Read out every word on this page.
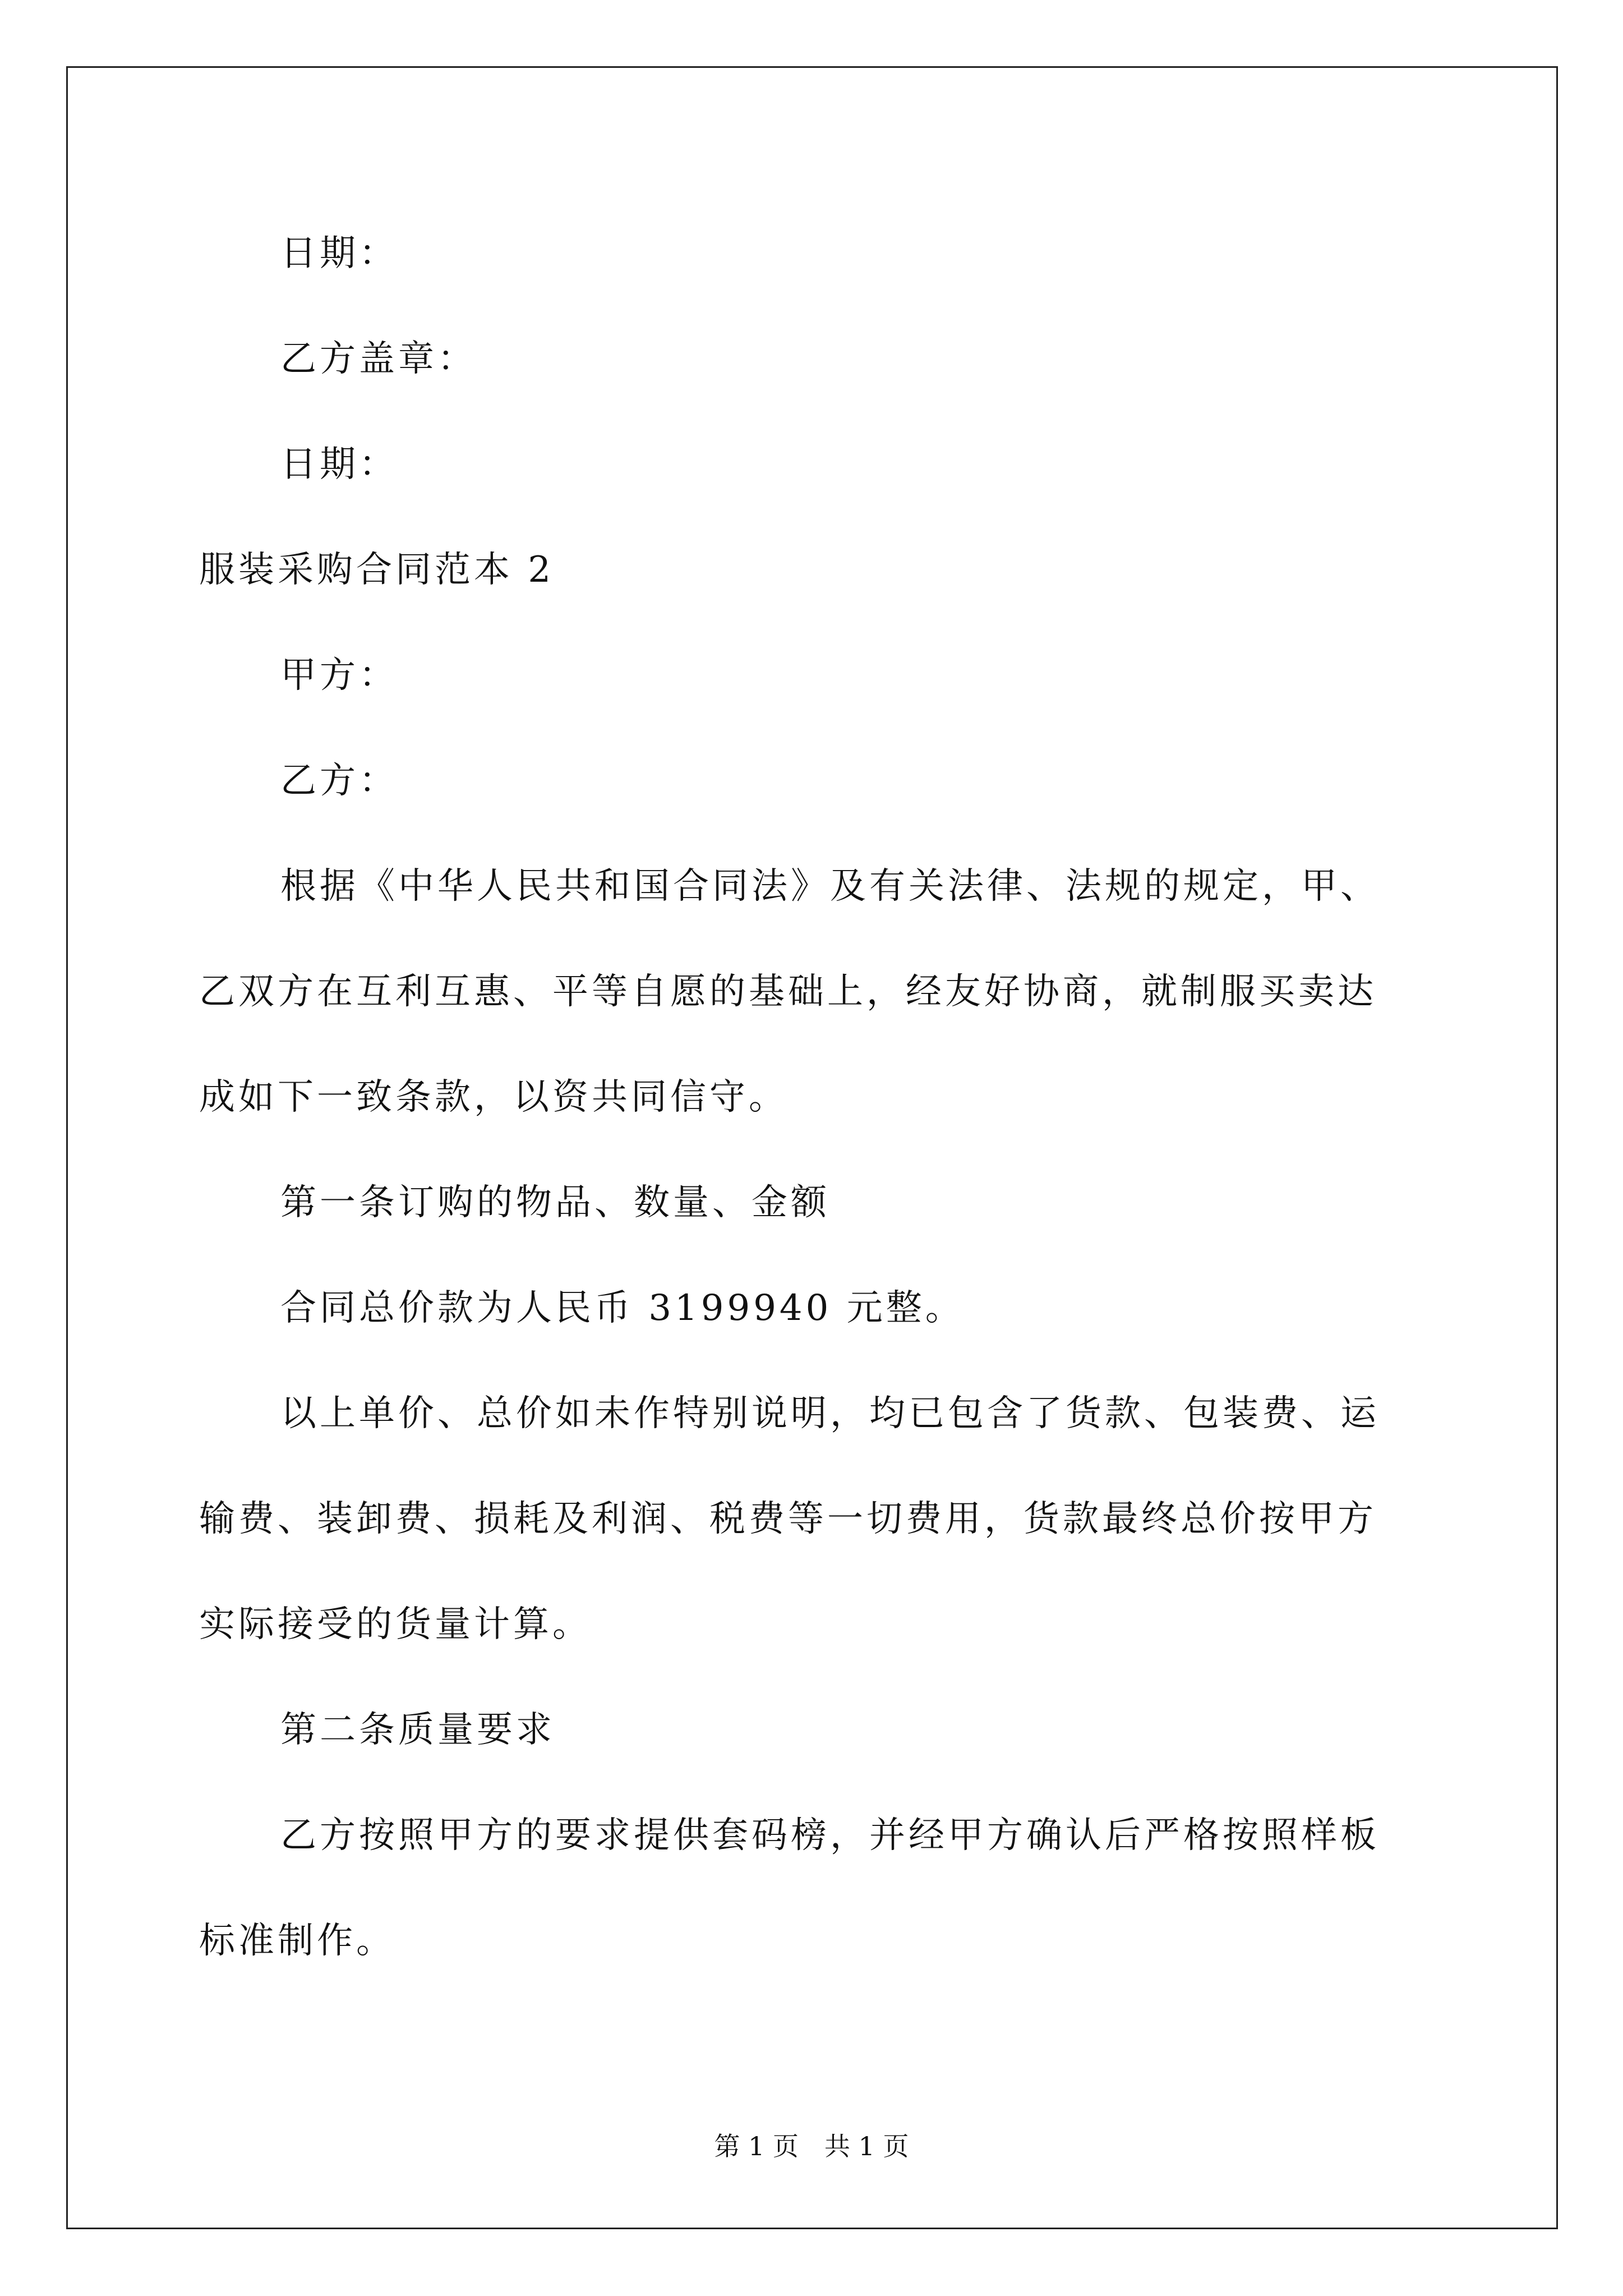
日期：

乙方盖章：

日期：

服装采购合同范本 2

甲方：

乙方：

根据《中华人民共和国合同法》及有关法律、法规的规定，甲、

乙双方在互利互惠、平等自愿的基础上，经友好协商，就制服买卖达

成如下一致条款，以资共同信守。

第一条订购的物品、数量、金额

合同总价款为人民币 3199940 元整。

以上单价、总价如未作特别说明，均已包含了货款、包装费、运

输费、装卸费、损耗及利润、税费等一切费用，货款最终总价按甲方

实际接受的货量计算。

第二条质量要求

乙方按照甲方的要求提供套码榜，并经甲方确认后严格按照样板

标准制作。

第 1 页　共 1 页
